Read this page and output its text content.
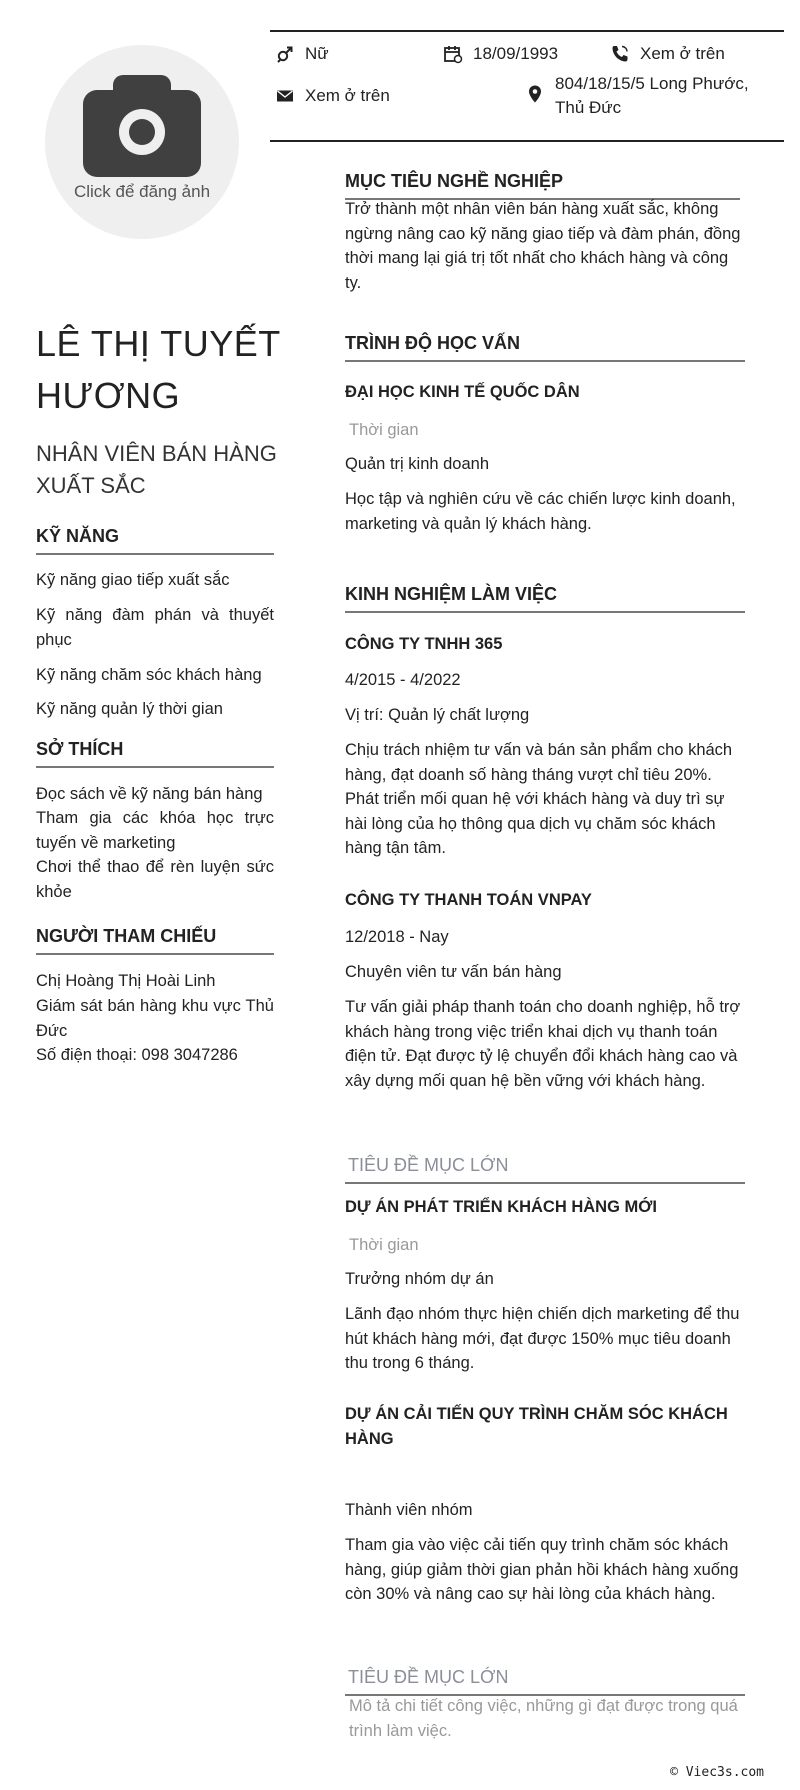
Nữ	18/09/1993	Xem ở trên
Xem ở trên
804/18/15/5 Long Phước, Thủ Đức
Click để đăng ảnh
LÊ THỊ TUYẾT
HƯƠNG
NHÂN VIÊN BÁN HÀNG XUẤT SẮC
KỸ NĂNG
Kỹ năng giao tiếp xuất sắc
Kỹ năng đàm phán và thuyết phục
Kỹ năng chăm sóc khách hàng
Kỹ năng quản lý thời gian
SỞ THÍCH
Đọc sách về kỹ năng bán hàng
Tham gia các khóa học trực tuyến về marketing
Chơi thể thao để rèn luyện sức khỏe
NGƯỜI THAM CHIẾU
Chị Hoàng Thị Hoài Linh
Giám sát bán hàng khu vực Thủ Đức
Số điện thoại: 098 3047286
MỤC TIÊU NGHỀ NGHIỆP
Trở thành một nhân viên bán hàng xuất sắc, không ngừng nâng cao kỹ năng giao tiếp và đàm phán, đồng thời mang lại giá trị tốt nhất cho khách hàng và công ty.
TRÌNH ĐỘ HỌC VẤN
ĐẠI HỌC KINH TẾ QUỐC DÂN
Thời gian
Quản trị kinh doanh
Học tập và nghiên cứu về các chiến lược kinh doanh, marketing và quản lý khách hàng.
KINH NGHIỆM LÀM VIỆC
CÔNG TY TNHH 365
4/2015 - 4/2022
Vị trí: Quản lý chất lượng
Chịu trách nhiệm tư vấn và bán sản phẩm cho khách hàng, đạt doanh số hàng tháng vượt chỉ tiêu 20%. Phát triển mối quan hệ với khách hàng và duy trì sự hài lòng của họ thông qua dịch vụ chăm sóc khách hàng tận tâm.
CÔNG TY THANH TOÁN VNPAY
12/2018 - Nay
Chuyên viên tư vấn bán hàng
Tư vấn giải pháp thanh toán cho doanh nghiệp, hỗ trợ khách hàng trong việc triển khai dịch vụ thanh toán điện tử. Đạt được tỷ lệ chuyển đổi khách hàng cao và xây dựng mối quan hệ bền vững với khách hàng.
TIÊU ĐỀ MỤC LỚN
DỰ ÁN PHÁT TRIỂN KHÁCH HÀNG MỚI
Thời gian
Trưởng nhóm dự án
Lãnh đạo nhóm thực hiện chiến dịch marketing để thu hút khách hàng mới, đạt được 150% mục tiêu doanh thu trong 6 tháng.
DỰ ÁN CẢI TIẾN QUY TRÌNH CHĂM SÓC KHÁCH HÀNG
Thành viên nhóm
Tham gia vào việc cải tiến quy trình chăm sóc khách hàng, giúp giảm thời gian phản hồi khách hàng xuống còn 30% và nâng cao sự hài lòng của khách hàng.
TIÊU ĐỀ MỤC LỚN
Mô tả chi tiết công việc, những gì đạt được trong quá trình làm việc.
© Viec3s.com
